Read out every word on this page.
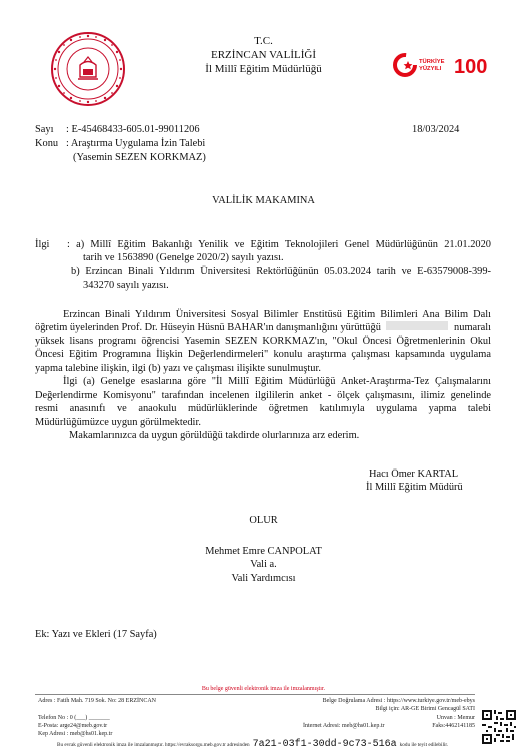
T.C.
ERZİNCAN VALİLİĞİ
İl Millî Eğitim Müdürlüğü
TÜRKİYE
YÜZYILI 100
Sayı : E-45468433-605.01-99011206	18/03/2024
Konu : Araştırma Uygulama İzin Talebi
(Yasemin SEZEN KORKMAZ)
VALİLİK MAKAMINA
İlgi : a) Millî Eğitim Bakanlığı Yenilik ve Eğitim Teknolojileri Genel Müdürlüğünün 21.01.2020
tarih ve 1563890 (Genelge 2020/2) sayılı yazısı.
b) Erzincan Binali Yıldırım Üniversitesi Rektörlüğünün 05.03.2024 tarih ve E-63579008-399-
343270 sayılı yazısı.
Erzincan Binali Yıldırım Üniversitesi Sosyal Bilimler Enstitüsü Eğitim Bilimleri Ana Bilim Dalı
öğretim üyelerinden Prof. Dr. Hüseyin Hüsnü BAHAR'ın danışmanlığını yürüttüğü	numaralı
yüksek lisans programı öğrencisi Yasemin SEZEN KORKMAZ'ın, "Okul Öncesi Öğretmenlerinin Okul
Öncesi Eğitim Programına İlişkin Değerlendirmeleri" konulu araştırma çalışması kapsamında uygulama
yapma talebine ilişkin, ilgi (b) yazı ve çalışması ilişikte sunulmuştur.
İlgi (a) Genelge esaslarına göre "İl Millî Eğitim Müdürlüğü Anket-Araştırma-Tez Çalışmalarını
Değerlendirme Komisyonu" tarafından incelenen ilgililerin anket - ölçek çalışmasını, ilimiz genelinde
resmi anasınıfı ve anaokulu müdürlüklerinde öğretmen katılımıyla uygulama yapma talebi
Müdürlüğümüzce uygun görülmektedir.
Makamlarınızca da uygun görüldüğü takdirde olurlarınıza arz ederim.
Hacı Ömer KARTAL
İl Millî Eğitim Müdürü
OLUR
Mehmet Emre CANPOLAT
Vali a.
Vali Yardımcısı
Ek: Yazı ve Ekleri (17 Sayfa)
Bu belge güvenli elektronik imza ile imzalanmıştır.
Adres : Fatih Mah. 719 Sok. No: 28 ERZİNCAN	Belge Doğrulama Adresi : https://www.turkiye.gov.tr/meb-ebys
Bilgi için: AR-GE Birimi Gencagül SATI
Telefon No : 0 (___) _______	Unvan : Memur
E-Posta: arge24@meb.gov.tr	İnternet Adresi: meb@hs01.kep.tr	Faks:4462141185
Kep Adresi : meb@hs01.kep.tr
Bu evrak güvenli elektronik imza ile imzalanmıştır. https://evraksorgu.meb.gov.tr adresinden 7a21-03f1-30dd-9c73-516a kodu ile teyit edilebilir.
